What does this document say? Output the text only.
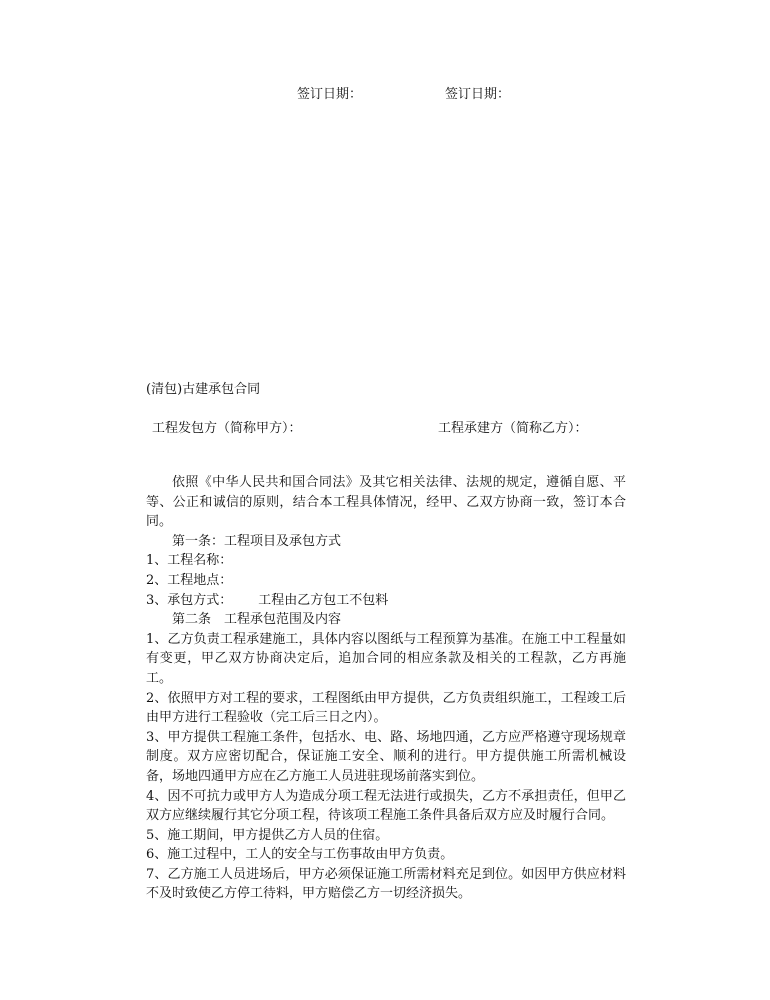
签订日期：	签订日期：
(清包)古建承包合同
工程发包方（简称甲方）：	工程承建方（简称乙方）：

依照《中华人民共和国合同法》及其它相关法律、法规的规定，遵循自愿、平等、公正和诚信的原则，结合本工程具体情况，经甲、乙双方协商一致，签订本合同。

第一条：工程项目及承包方式

1、工程名称：

2、工程地点：

3、承包方式： 工程由乙方包工不包料

第二条 工程承包范围及内容

1、乙方负责工程承建施工，具体内容以图纸与工程预算为基准。在施工中工程量如有变更，甲乙双方协商决定后，追加合同的相应条款及相关的工程款，乙方再施工。

2、依照甲方对工程的要求，工程图纸由甲方提供，乙方负责组织施工，工程竣工后由甲方进行工程验收（完工后三日之内）。

3、甲方提供工程施工条件，包括水、电、路、场地四通，乙方应严格遵守现场规章制度。双方应密切配合，保证施工安全、顺利的进行。甲方提供施工所需机械设备，场地四通甲方应在乙方施工人员进驻现场前落实到位。

4、因不可抗力或甲方人为造成分项工程无法进行或损失，乙方不承担责任，但甲乙双方应继续履行其它分项工程，待该项工程施工条件具备后双方应及时履行合同。

5、施工期间，甲方提供乙方人员的住宿。

6、施工过程中，工人的安全与工伤事故由甲方负责。

7、乙方施工人员进场后，甲方必须保证施工所需材料充足到位。如因甲方供应材料不及时致使乙方停工待料，甲方赔偿乙方一切经济损失。
